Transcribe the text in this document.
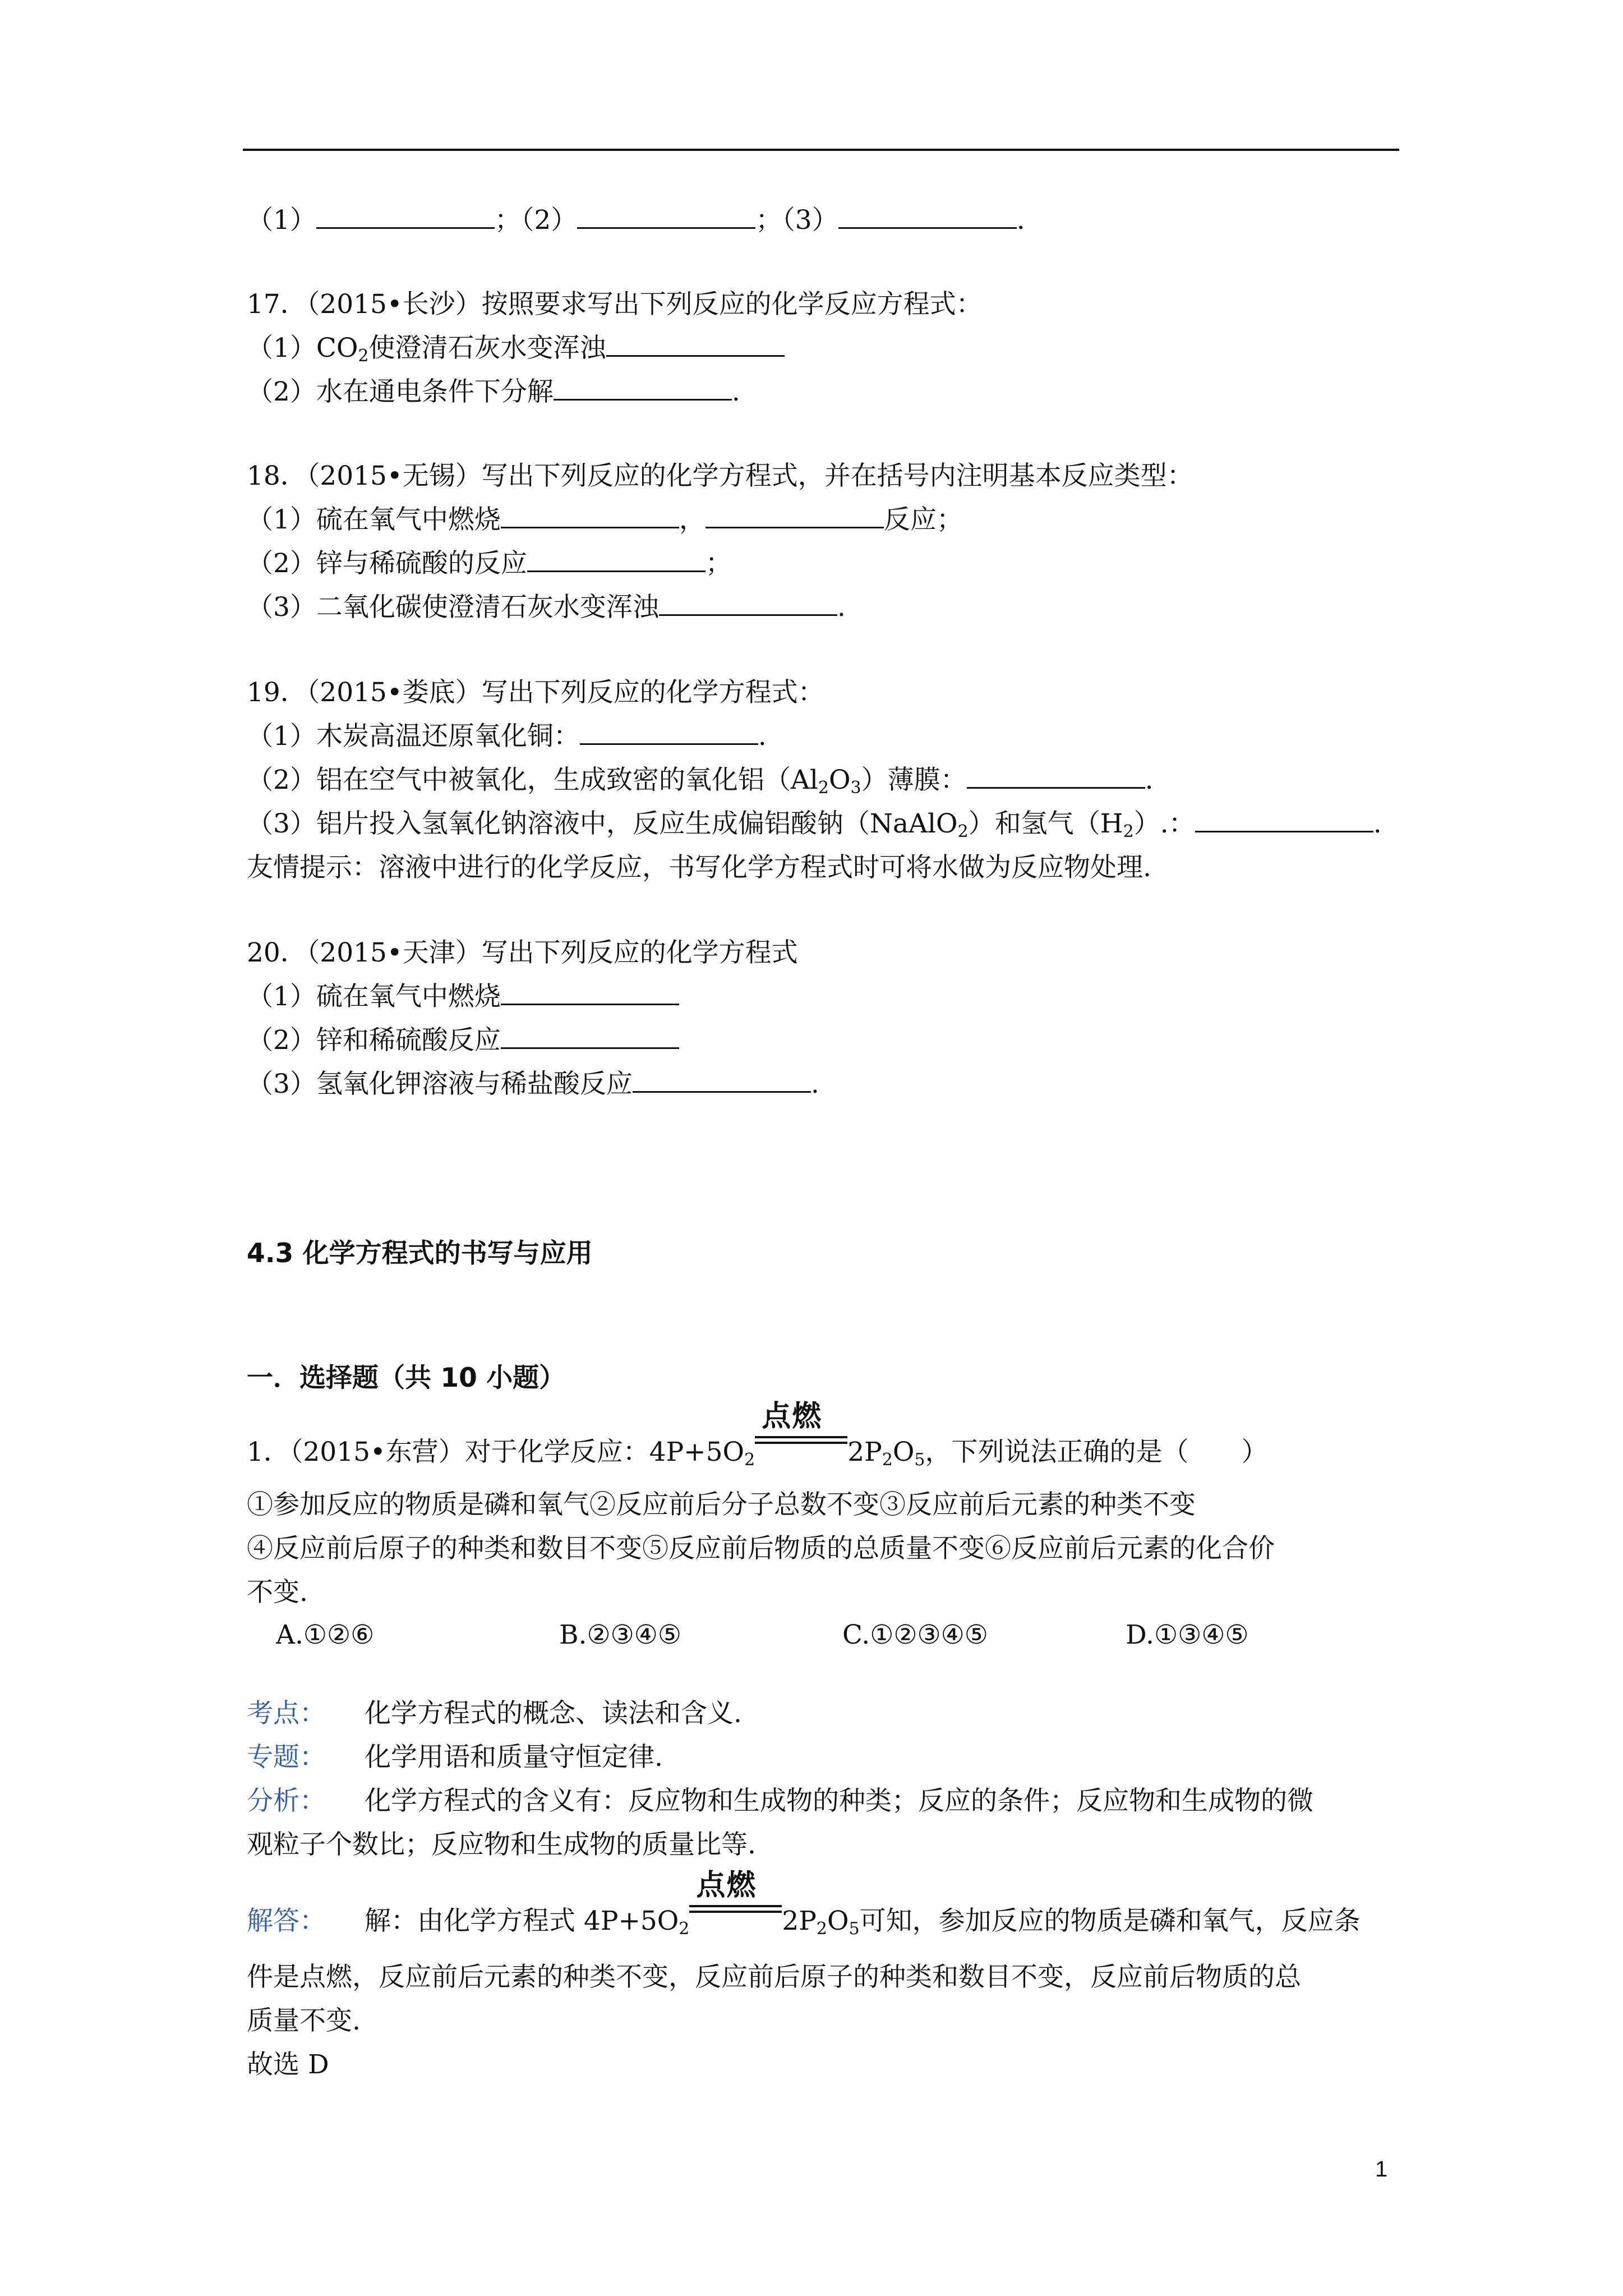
（1）	；（2）	；（3）	.
17．（2015•长沙）按照要求写出下列反应的化学反应方程式：
$(1)CO_2$使澄清石灰水变浑浊
（2）水在通电条件下分解	.
18．（2015•无锡）写出下列反应的化学方程式，并在括号内注明基本反应类型：
（1）硫在氧气中燃烧	，	反应；
（2）锌与稀硫酸的反应	；
（3）二氧化碳使澄清石灰水变浑浊	.
19．（2015•娄底）写出下列反应的化学方程式：
（1）木炭高温还原氧化铜：	.
（2）铝在空气中被氧化，生成致密的氧化铝$(Al_2O_3)$薄膜：	.
（3）铝片投入氢氧化钠溶液中，反应生成偏铝酸钠（NaAlO$_2$）和氢气$(H_2)$.：	.
友情提示：溶液中进行的化学反应，书写化学方程式时可将水做为反应物处理.
20．（2015•天津）写出下列反应的化学方程式
（1）硫在氧气中燃烧
（2）锌和稀硫酸反应
（3）氢氧化钾溶液与稀盐酸反应	.
4.3 化学方程式的书写与应用
一．选择题（共 10 小题）
1．（2015•东营）对于化学反应：$4P+5O_2$
点燃
$2P_2O_5$，下列说法正确的是（　　）
①参加反应的物质是磷和氧气②反应前后分子总数不变③反应前后元素的种类不变
④反应前后原子的种类和数目不变⑤反应前后物质的总质量不变⑥反应前后元素的化合价
不变.
A.①②⑥	B.②③④⑤	C.①②③④⑤	D.①③④⑤
考点： 化学方程式的概念、读法和含义.
专题： 化学用语和质量守恒定律.
分析： 化学方程式的含义有：反应物和生成物的种类；反应的条件；反应物和生成物的微
观粒子个数比；反应物和生成物的质量比等.
解答： 解：由化学方程式 $4P+5O_2$
点燃
$2P_2O_5$可知，参加反应的物质是磷和氧气，反应条
件是点燃，反应前后元素的种类不变，反应前后原子的种类和数目不变，反应前后物质的总
质量不变.
故选 D
1
